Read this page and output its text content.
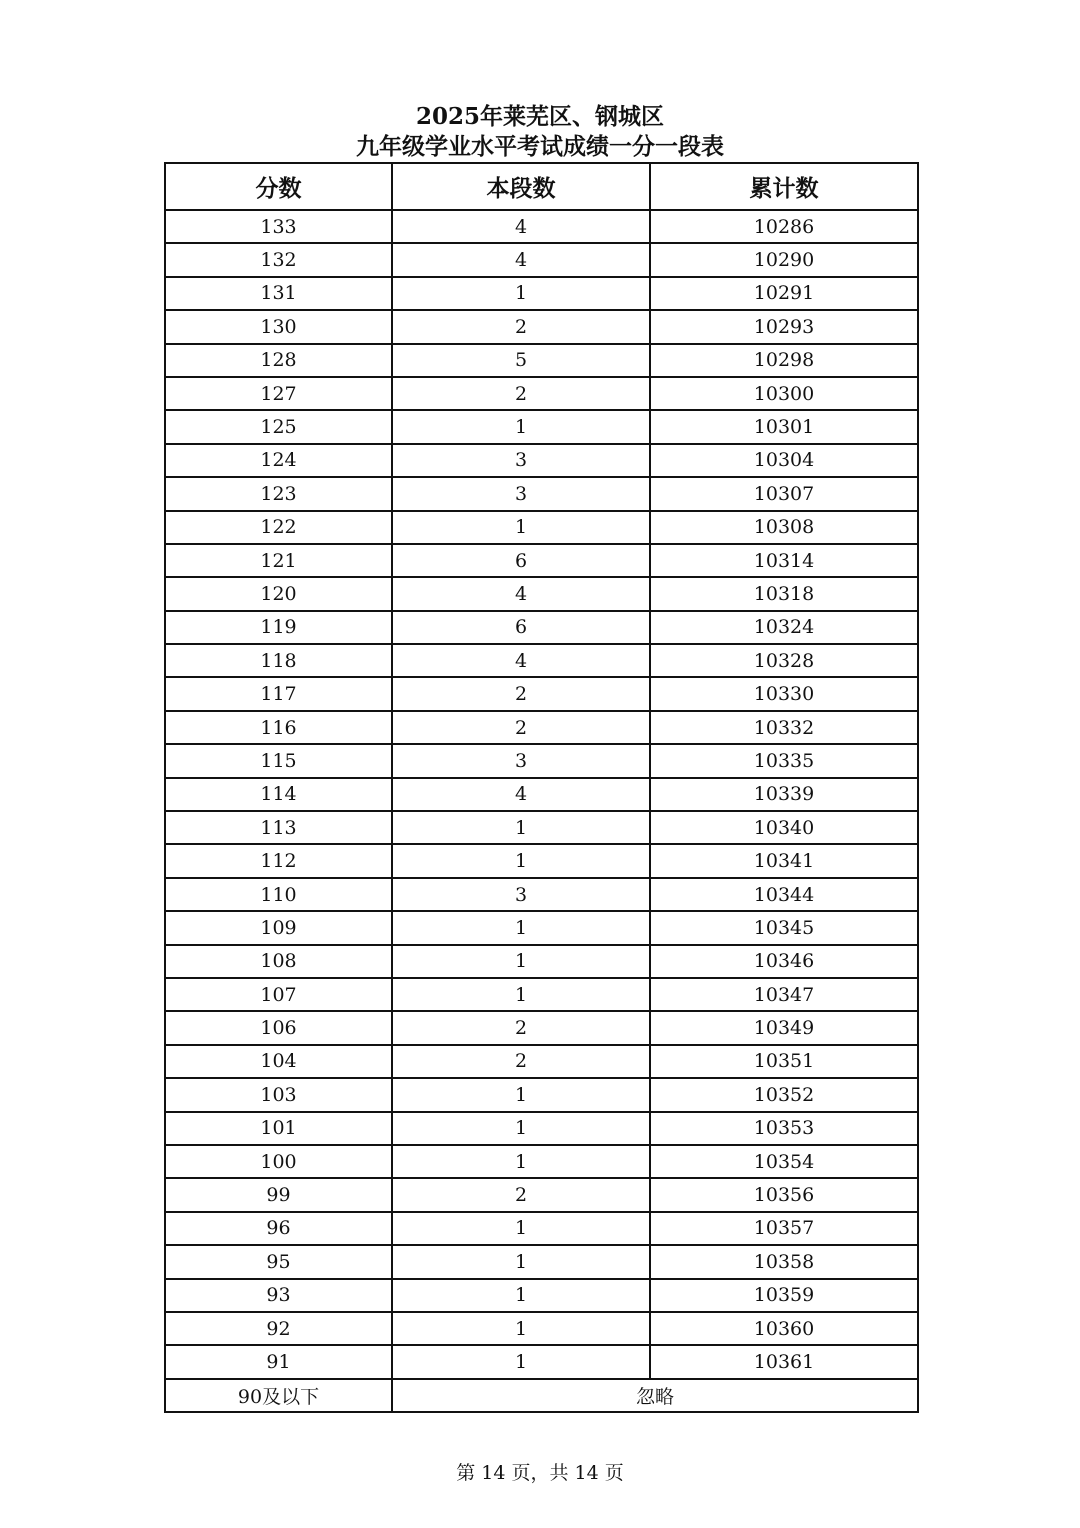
2025年莱芜区、钢城区
九年级学业水平考试成绩一分一段表
分数	本段数	累计数
133	4	10286
132	4	10290
131	1	10291
130	2	10293
128	5	10298
127	2	10300
125	1	10301
124	3	10304
123	3	10307
122	1	10308
121	6	10314
120	4	10318
119	6	10324
118	4	10328
117	2	10330
116	2	10332
115	3	10335
114	4	10339
113	1	10340
112	1	10341
110	3	10344
109	1	10345
108	1	10346
107	1	10347
106	2	10349
104	2	10351
103	1	10352
101	1	10353
100	1	10354
99	2	10356
96	1	10357
95	1	10358
93	1	10359
92	1	10360
91	1	10361
90及以下	忽略	
第 14 页，共 14 页
